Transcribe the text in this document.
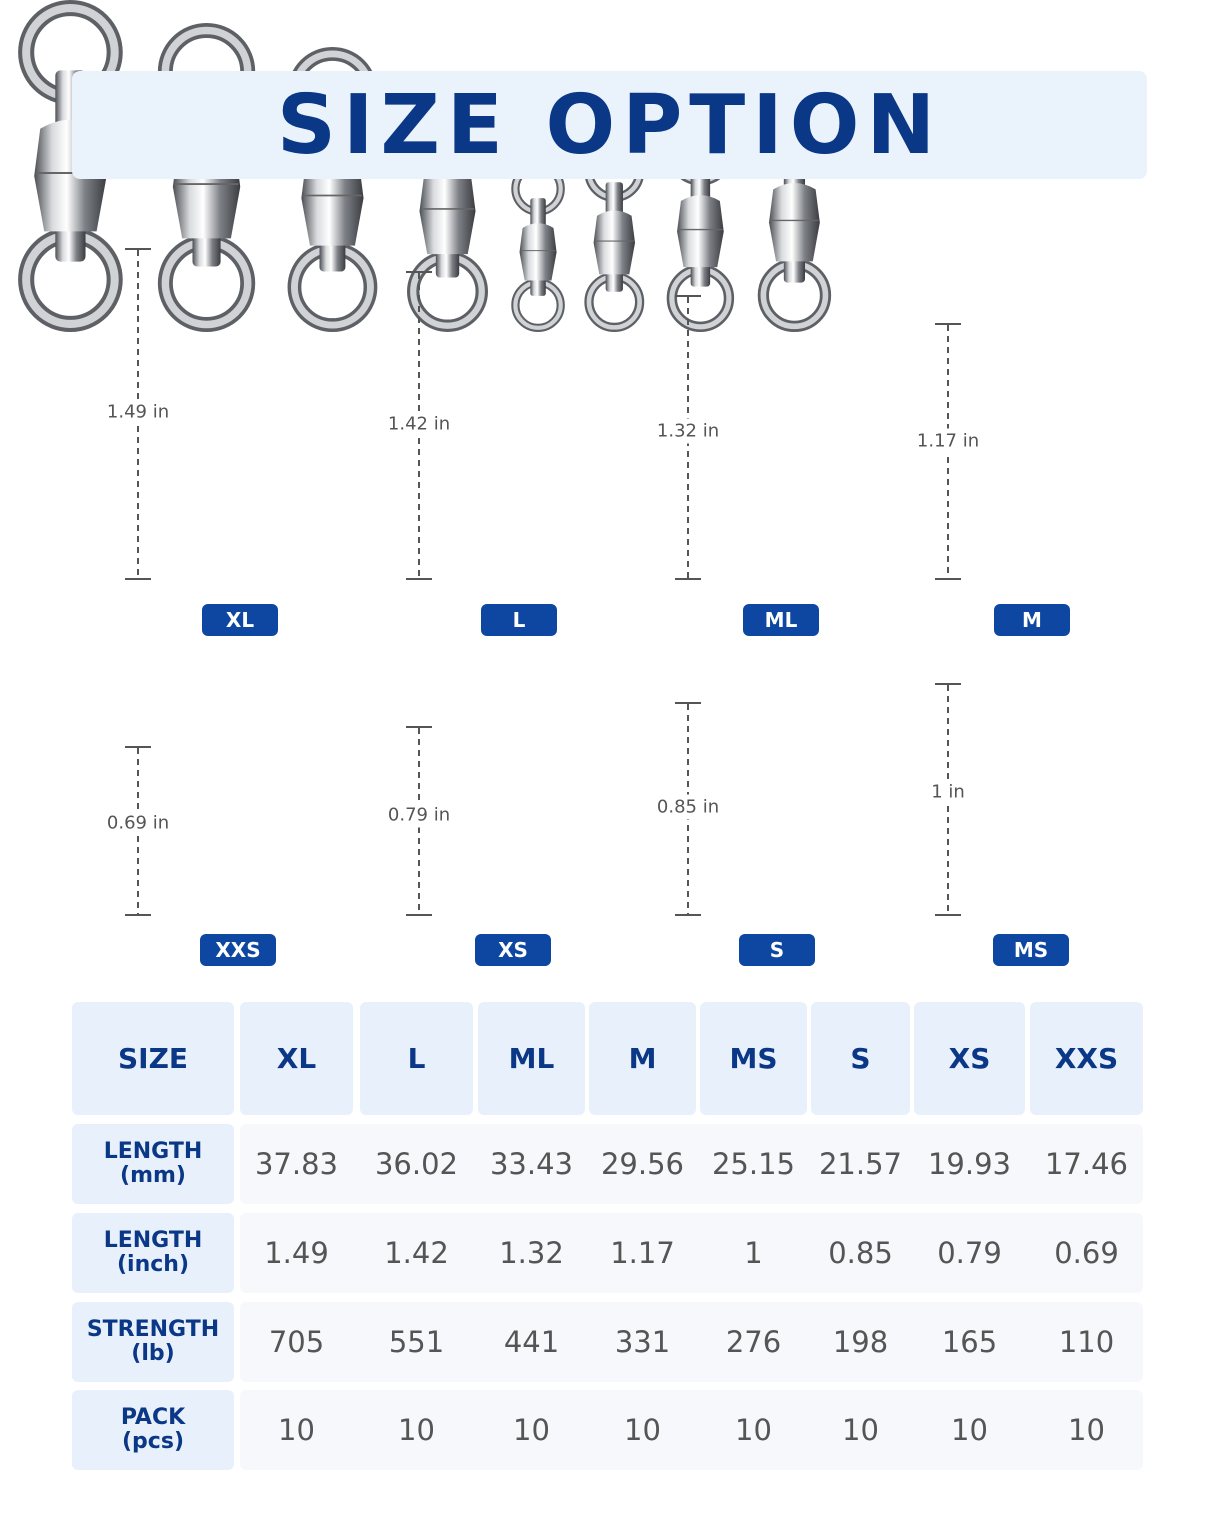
SIZE OPTION
1.49 in
XL
1.42 in
L
1.32 in
ML
1.17 in
M
0.69 in
XXS
0.79 in
XS
0.85 in
S
1 in
MS
SIZE	XL	L	ML	M	MS	S	XS	XXS
LENGTH
(mm)	37.83	36.02	33.43 29.56 25.15 21.57 19.93	17.46
LENGTH
(inch)	1.49	1.42	1.32	1.17	1	0.85	0.79	0.69
STRENGTH
(lb)	705	551	441	331	276	198	165	110
PACK
(pcs)	10	10	10	10	10	10	10	10
